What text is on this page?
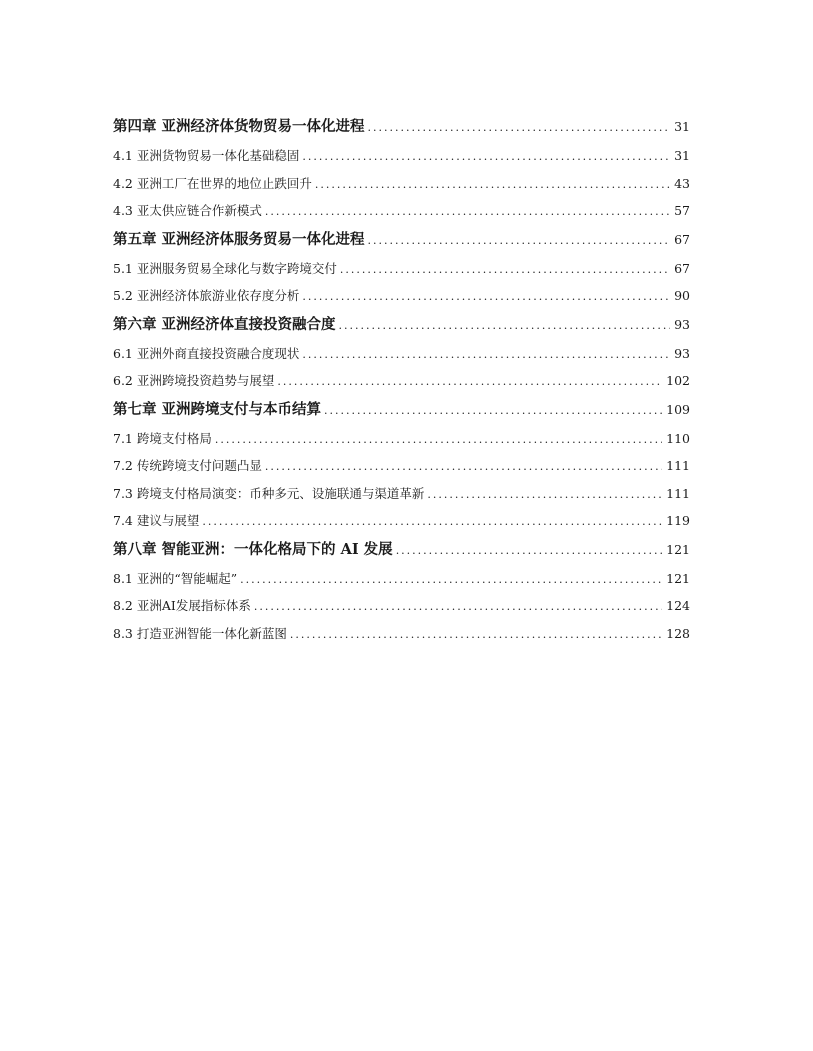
第四章 亚洲经济体货物贸易一体化进程 .....	31
4.1 亚洲货物贸易一体化基础稳固 .....	31
4.2 亚洲工厂在世界的地位止跌回升 .....	43
4.3 亚太供应链合作新模式 .....	57
第五章 亚洲经济体服务贸易一体化进程 .....	67
5.1 亚洲服务贸易全球化与数字跨境交付 .....	67
5.2 亚洲经济体旅游业依存度分析 .....	90
第六章 亚洲经济体直接投资融合度 .....	93
6.1 亚洲外商直接投资融合度现状 .....	93
6.2 亚洲跨境投资趋势与展望 .....	102
第七章 亚洲跨境支付与本币结算 .....	109
7.1 跨境支付格局 .....	110
7.2 传统跨境支付问题凸显 .....	111
7.3 跨境支付格局演变：币种多元、设施联通与渠道革新 .....	111
7.4 建议与展望 .....	119
第八章 智能亚洲：一体化格局下的 AI 发展 .....	121
8.1 亚洲的“智能崛起” .....	121
8.2 亚洲AI发展指标体系 .....	124
8.3 打造亚洲智能一体化新蓝图 .....	128
